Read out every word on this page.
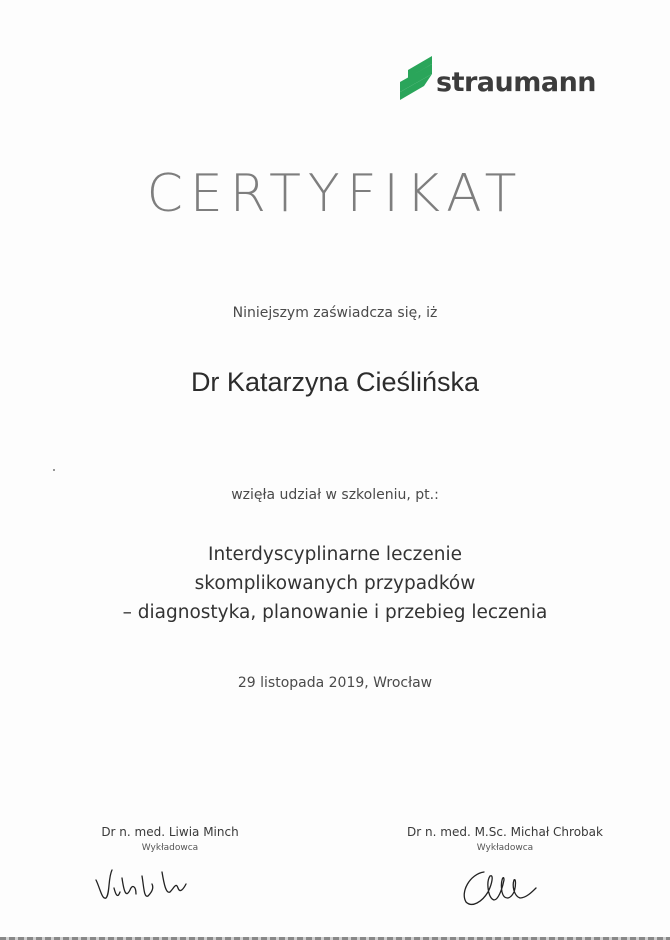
straumann
CERTYFIKAT
Niniejszym zaświadcza się, iż
Dr Katarzyna Cieślińska
wzięła udział w szkoleniu, pt.:
Interdyscyplinarne leczenie
skomplikowanych przypadków
– diagnostyka, planowanie i przebieg leczenia
29 listopada 2019, Wrocław
Dr n. med. Liwia Minch
Wykładowca
Dr n. med. M.Sc. Michał Chrobak
Wykładowca
